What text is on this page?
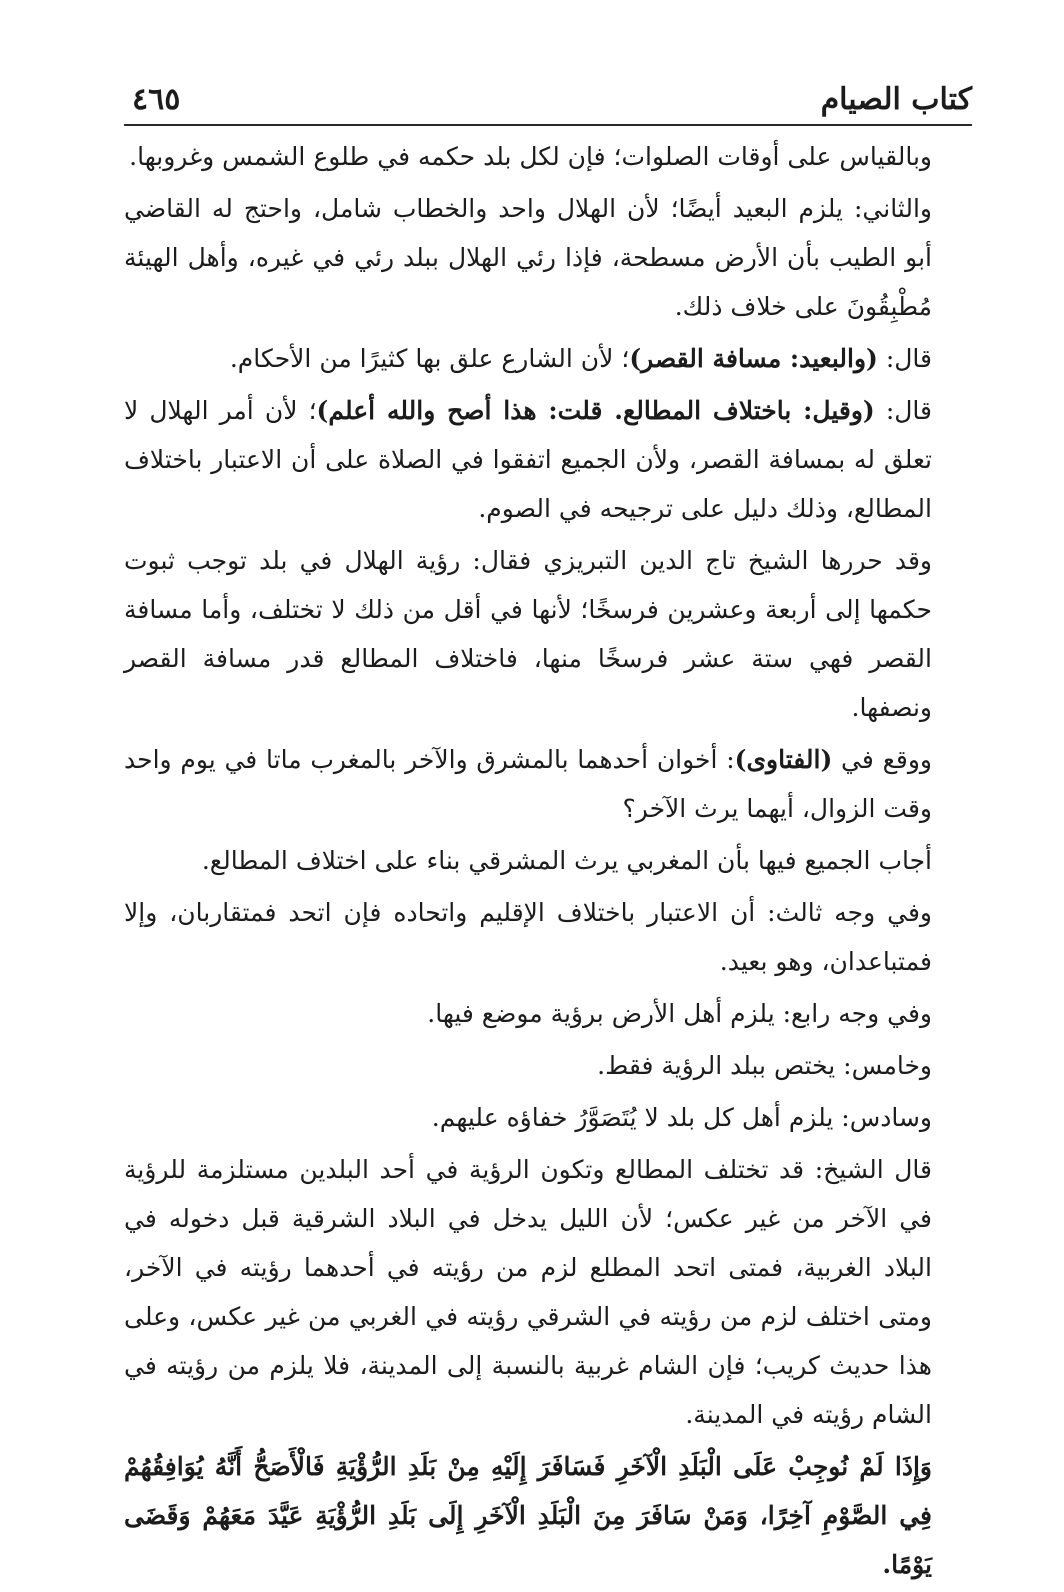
كتاب الصيام
٤٦٥

وبالقياس على أوقات الصلوات؛ فإن لكل بلد حكمه في طلوع الشمس وغروبها.

والثاني: يلزم البعيد أيضًا؛ لأن الهلال واحد والخطاب شامل، واحتج له القاضي أبو الطيب بأن الأرض مسطحة، فإذا رئي الهلال ببلد رئي في غيره، وأهل الهيئة مُطْبِقُونَ على خلاف ذلك.

قال: (والبعيد: مسافة القصر)؛ لأن الشارع علق بها كثيرًا من الأحكام.

قال: (وقيل: باختلاف المطالع. قلت: هذا أصح والله أعلم)؛ لأن أمر الهلال لا تعلق له بمسافة القصر، ولأن الجميع اتفقوا في الصلاة على أن الاعتبار باختلاف المطالع، وذلك دليل على ترجيحه في الصوم.

وقد حررها الشيخ تاج الدين التبريزي فقال: رؤية الهلال في بلد توجب ثبوت حكمها إلى أربعة وعشرين فرسخًا؛ لأنها في أقل من ذلك لا تختلف، وأما مسافة القصر فهي ستة عشر فرسخًا منها، فاختلاف المطالع قدر مسافة القصر ونصفها.

ووقع في (الفتاوى): أخوان أحدهما بالمشرق والآخر بالمغرب ماتا في يوم واحد وقت الزوال، أيهما يرث الآخر؟

أجاب الجميع فيها بأن المغربي يرث المشرقي بناء على اختلاف المطالع.

وفي وجه ثالث: أن الاعتبار باختلاف الإقليم واتحاده فإن اتحد فمتقاربان، وإلا فمتباعدان، وهو بعيد.

وفي وجه رابع: يلزم أهل الأرض برؤية موضع فيها.

وخامس: يختص ببلد الرؤية فقط.

وسادس: يلزم أهل كل بلد لا يُتَصَوَّرُ خفاؤه عليهم.

قال الشيخ: قد تختلف المطالع وتكون الرؤية في أحد البلدين مستلزمة للرؤية في الآخر من غير عكس؛ لأن الليل يدخل في البلاد الشرقية قبل دخوله في البلاد الغربية، فمتى اتحد المطلع لزم من رؤيته في أحدهما رؤيته في الآخر، ومتى اختلف لزم من رؤيته في الشرقي رؤيته في الغربي من غير عكس، وعلى هذا حديث كريب؛ فإن الشام غربية بالنسبة إلى المدينة، فلا يلزم من رؤيته في الشام رؤيته في المدينة.

وَإِذَا لَمْ نُوجِبْ عَلَى الْبَلَدِ الْآخَرِ فَسَافَرَ إِلَيْهِ مِنْ بَلَدِ الرُّؤْيَةِ فَالْأَصَحُّ أَنَّهُ يُوَافِقُهُمْ فِي الصَّوْمِ آخِرًا، وَمَنْ سَافَرَ مِنَ الْبَلَدِ الْآخَرِ إِلَى بَلَدِ الرُّؤْيَةِ عَيَّدَ مَعَهُمْ وَقَضَى يَوْمًا.
